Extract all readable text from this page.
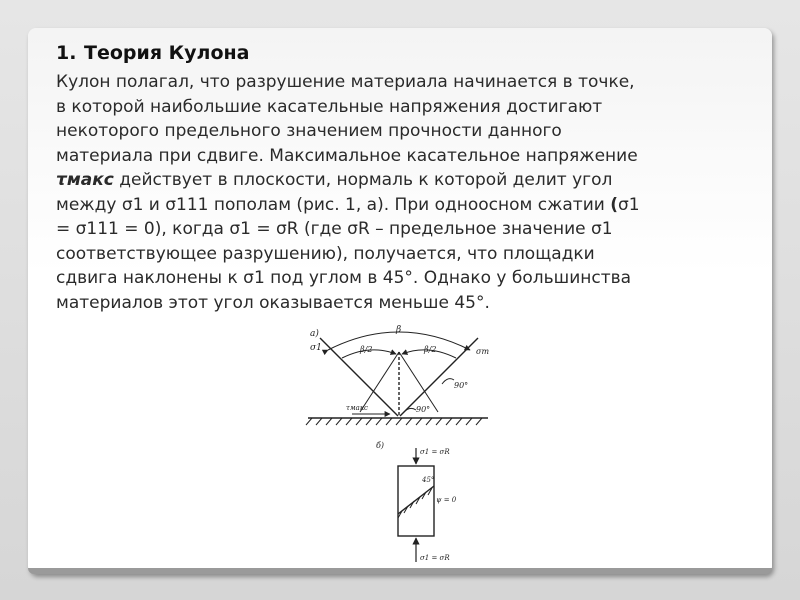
1. Теория Кулона
Кулон полагал, что разрушение материала начинается в точке,
в которой наибольшие касательные напряжения достигают
некоторого предельного значением прочности данного
материала при сдвиге. Максимальное касательное напряжение
τмакс действует в плоскости, нормаль к которой делит угол
между σ1 и σ111 пополам (рис. 1, а). При одноосном сжатии (σ1
= σ111 = 0), когда σ1 = σR (где σR – предельное значение σ1
соответствующее разрушению), получается, что площадки
сдвига наклонены к σ1 под углом в 45°. Однако у большинства
материалов этот угол оказывается меньше 45°.
а)
σ1
β
β/2	β/2	σm
90°
90°
τмакс
б)
σ1 = σR
45°
ψ = 0
σ1 = σR
